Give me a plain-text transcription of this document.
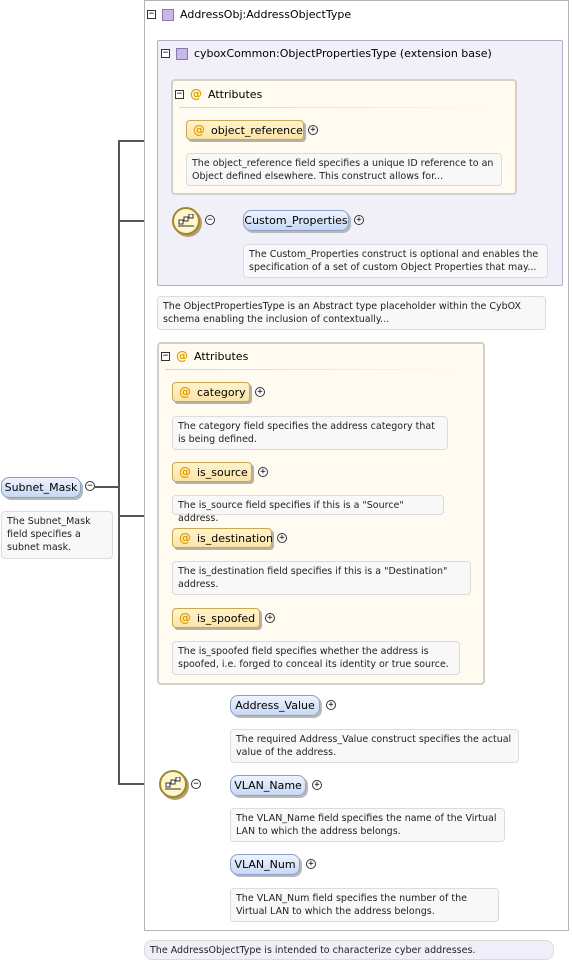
Subnet_Mask −
The Subnet_Mask field specifies a subnet mask.
− AddressObj:AddressObjectType
− cyboxCommon:ObjectPropertiesType (extension base)
− @ Attributes
@ object_reference +
The object_reference field specifies a unique ID reference to an Object defined elsewhere. This construct allows for...
−	Custom_Properties +
The Custom_Properties construct is optional and enables the specification of a set of custom Object Properties that may...
The ObjectPropertiesType is an Abstract type placeholder within the CybOX schema enabling the inclusion of contextually...
− @ Attributes
@ category +
The category field specifies the address category that is being defined.
@ is_source +
The is_source field specifies if this is a "Source" address.
@ is_destination +
The is_destination field specifies if this is a "Destination" address.
@ is_spoofed +
The is_spoofed field specifies whether the address is spoofed, i.e. forged to conceal its identity or true source.
−
Address_Value +
The required Address_Value construct specifies the actual value of the address.
VLAN_Name +
The VLAN_Name field specifies the name of the Virtual LAN to which the address belongs.
VLAN_Num +
The VLAN_Num field specifies the number of the Virtual LAN to which the address belongs.
The AddressObjectType is intended to characterize cyber addresses.
